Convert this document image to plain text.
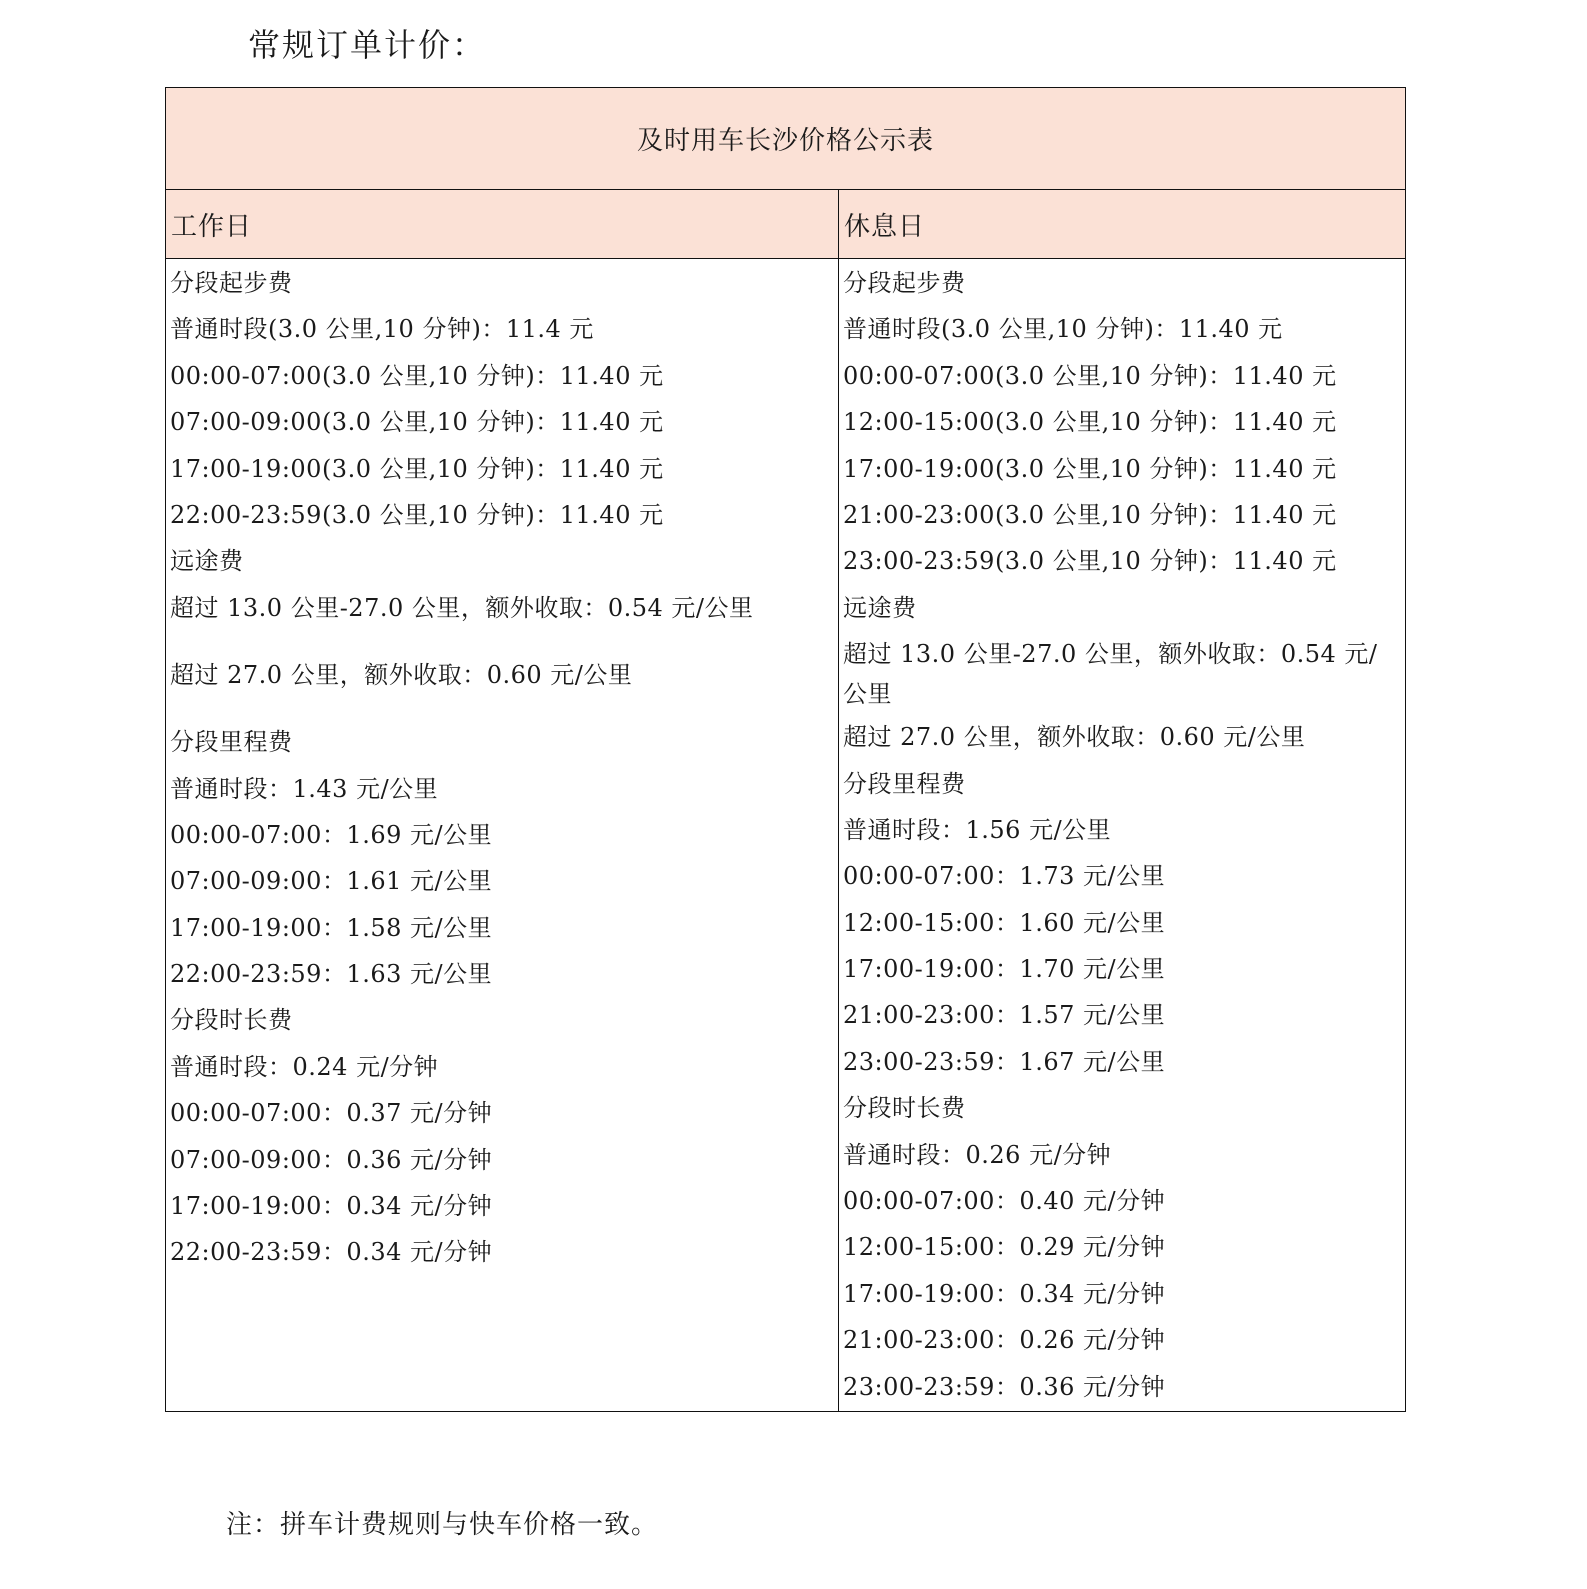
常规订单计价：
及时用车长沙价格公示表
工作日	休息日
分段起步费
普通时段(3.0 公里,10 分钟)：11.4 元
00:00-07:00(3.0 公里,10 分钟)：11.40 元
07:00-09:00(3.0 公里,10 分钟)：11.40 元
17:00-19:00(3.0 公里,10 分钟)：11.40 元
22:00-23:59(3.0 公里,10 分钟)：11.40 元
远途费
超过 13.0 公里-27.0 公里，额外收取：0.54 元/公里
超过 27.0 公里，额外收取：0.60 元/公里
分段里程费
普通时段：1.43 元/公里
00:00-07:00：1.69 元/公里
07:00-09:00：1.61 元/公里
17:00-19:00：1.58 元/公里
22:00-23:59：1.63 元/公里
分段时长费
普通时段：0.24 元/分钟
00:00-07:00：0.37 元/分钟
07:00-09:00：0.36 元/分钟
17:00-19:00：0.34 元/分钟
22:00-23:59：0.34 元/分钟
分段起步费
普通时段(3.0 公里,10 分钟)：11.40 元
00:00-07:00(3.0 公里,10 分钟)：11.40 元
12:00-15:00(3.0 公里,10 分钟)：11.40 元
17:00-19:00(3.0 公里,10 分钟)：11.40 元
21:00-23:00(3.0 公里,10 分钟)：11.40 元
23:00-23:59(3.0 公里,10 分钟)：11.40 元
远途费
超过 13.0 公里-27.0 公里，额外收取：0.54 元/公里
超过 27.0 公里，额外收取：0.60 元/公里
分段里程费
普通时段：1.56 元/公里
00:00-07:00：1.73 元/公里
12:00-15:00：1.60 元/公里
17:00-19:00：1.70 元/公里
21:00-23:00：1.57 元/公里
23:00-23:59：1.67 元/公里
分段时长费
普通时段：0.26 元/分钟
00:00-07:00：0.40 元/分钟
12:00-15:00：0.29 元/分钟
17:00-19:00：0.34 元/分钟
21:00-23:00：0.26 元/分钟
23:00-23:59：0.36 元/分钟
注：拼车计费规则与快车价格一致。
